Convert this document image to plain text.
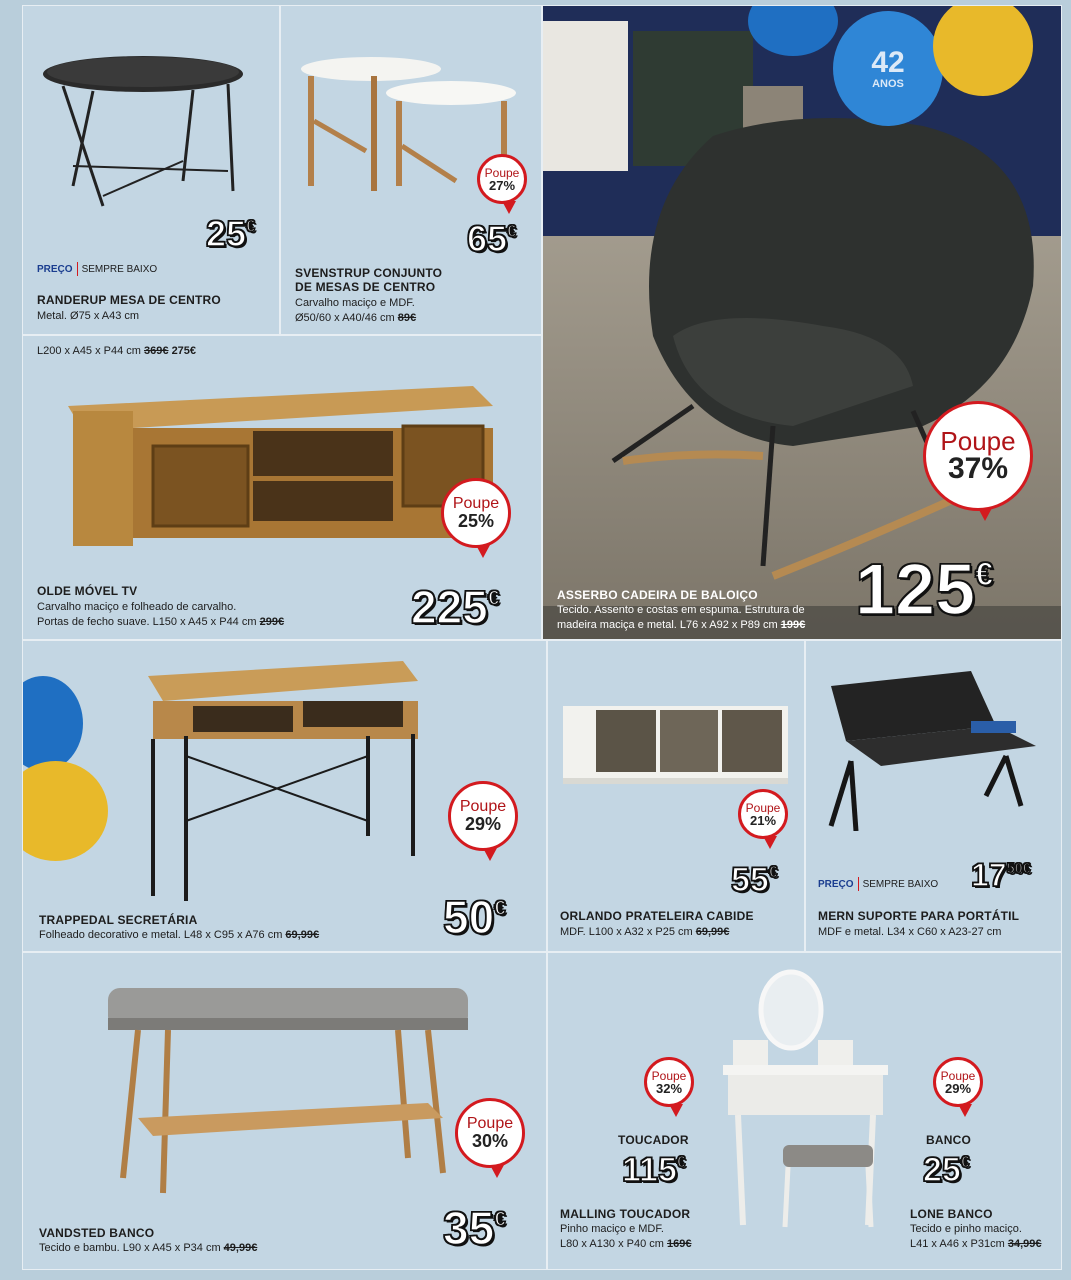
25€
PREÇO SEMPRE BAIXO
RANDERUP MESA DE CENTRO
Metal. Ø75 x A43 cm
Poupe
27%
65€
SVENSTRUP CONJUNTO
DE MESAS DE CENTRO
Carvalho maciço e MDF.
Ø50/60 x A40/46 cm 89€
L200 x A45 x P44 cm 369€ 275€
Poupe
25%
OLDE MÓVEL TV
Carvalho maciço e folheado de carvalho.
Portas de fecho suave. L150 x A45 x P44 cm 299€	225€
42
ANOS
Poupe
37%
125€
ASSERBO CADEIRA DE BALOIÇO
Tecido. Assento e costas em espuma. Estrutura de
madeira maciça e metal. L76 x A92 x P89 cm 199€
Poupe
29%
50€
TRAPPEDAL SECRETÁRIA
Folheado decorativo e metal. L48 x C95 x A76 cm 69,99€
Poupe
21%
55€
ORLANDO PRATELEIRA CABIDE
MDF. L100 x A32 x P25 cm 69,99€
PREÇO SEMPRE BAIXO $17^{50€}$
MERN SUPORTE PARA PORTÁTIL
MDF e metal. L34 x C60 x A23-27 cm
Poupe
30%
35€
VANDSTED BANCO
Tecido e bambu. L90 x A45 x P34 cm 49,99€
Poupe
32%
TOUCADOR
115€
MALLING TOUCADOR
Pinho maciço e MDF.
L80 x A130 x P40 cm 169€
Poupe
29%
BANCO
25€
LONE BANCO
Tecido e pinho maciço.
L41 x A46 x P31cm 34,99€
